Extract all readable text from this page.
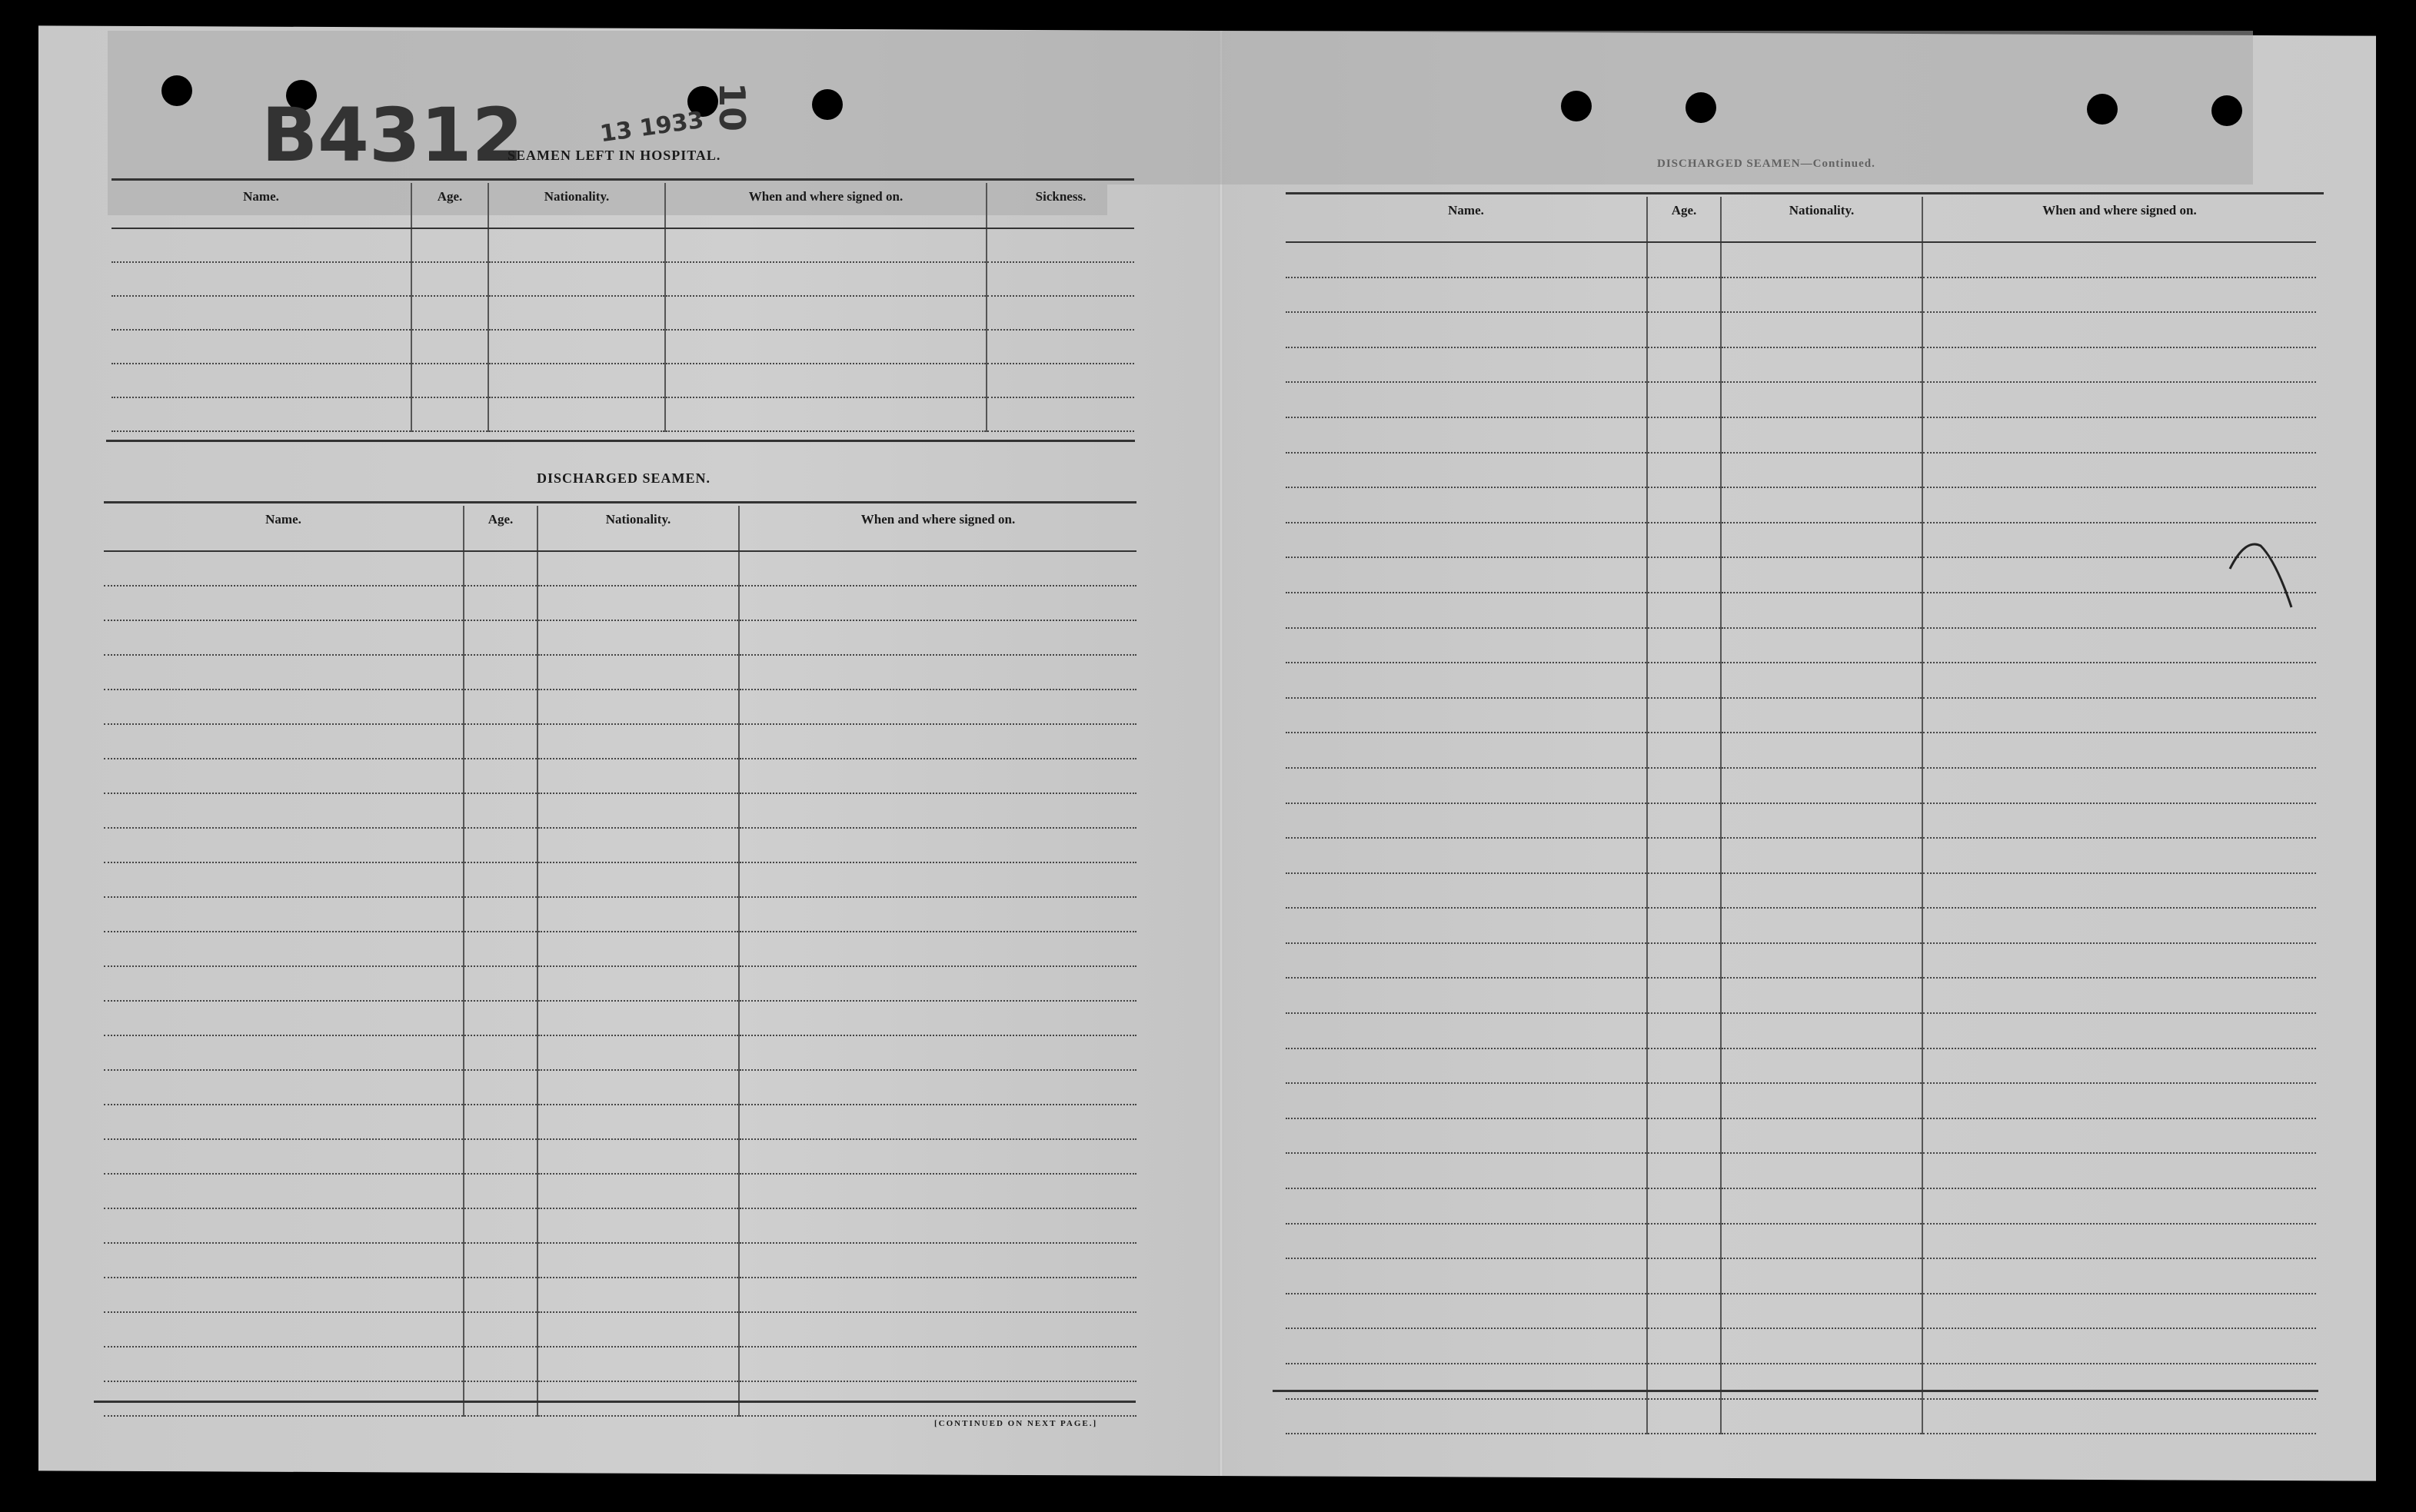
B4312	13 1933 10
SEAMEN LEFT IN HOSPITAL.
Name.	Age.	Nationality.	When and where signed on.	Sickness.

DISCHARGED SEAMEN.
Name.	Age.	Nationality.	When and where signed on.

[CONTINUED ON NEXT PAGE.]
DISCHARGED SEAMEN—Continued.
Name.	Age.	Nationality.	When and where signed on.
